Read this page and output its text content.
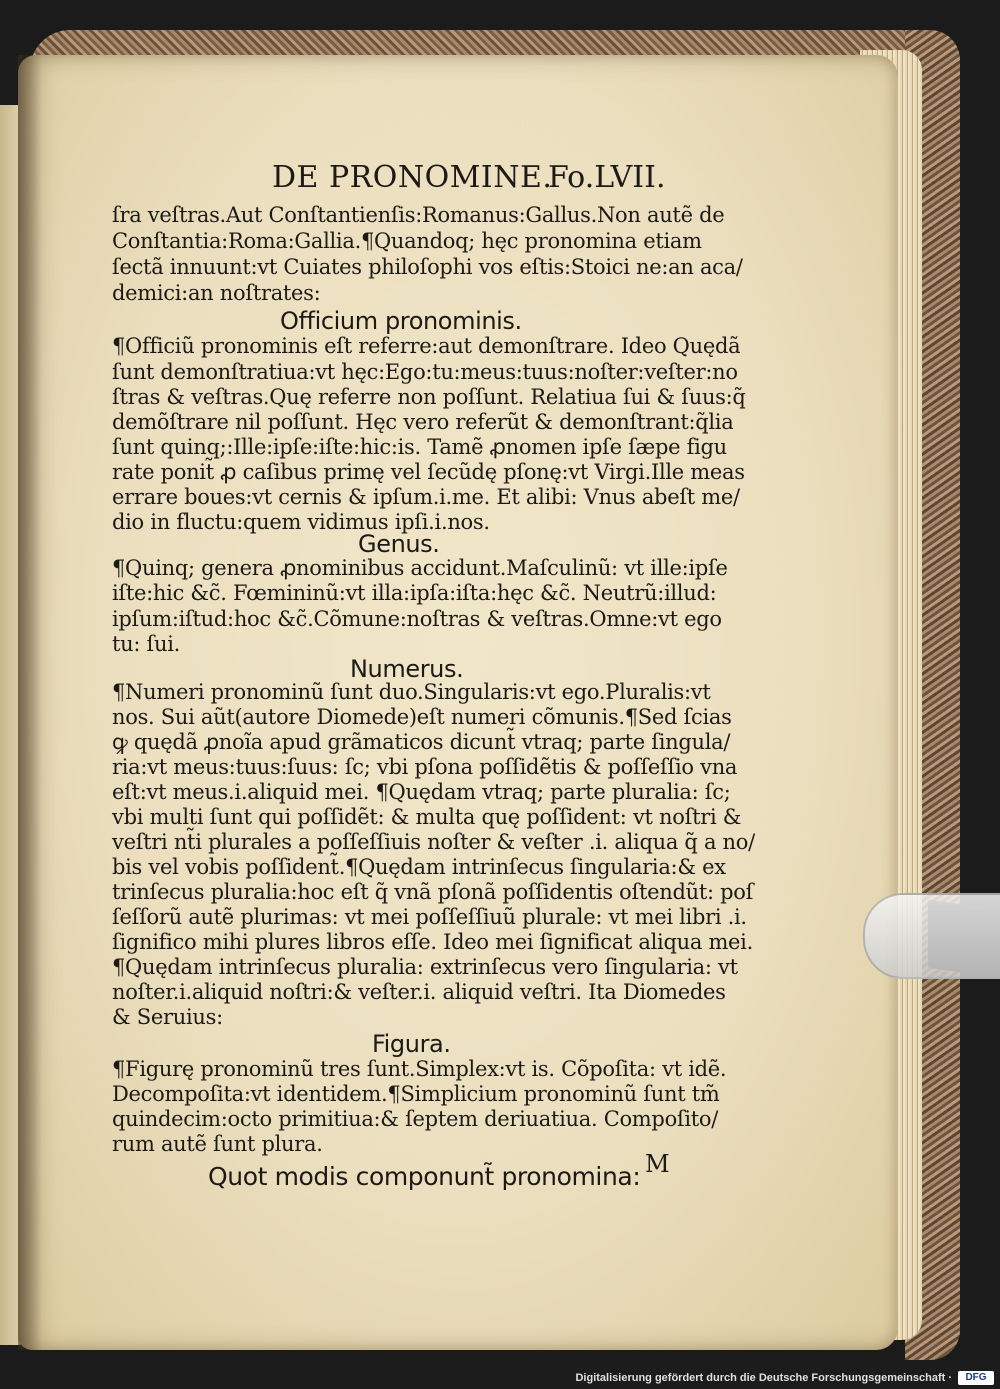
DE PRONOMINE.
Fo.LVII.
ſra veſtras.Aut Conſtantienſis:Romanus:Gallus.Non autẽ de
Conſtantia:Roma:Gallia.¶Quandoq; hęc pronomina etiam
ſectã innuunt:vt Cuiates philoſophi vos eſtis:Stoici ne:an aca/
demici:an noſtrates:
Officium pronominis.
¶Officiũ pronominis eſt referre:aut demonſtrare. Ideo Quędã
ſunt demonſtratiua:vt hęc:Ego:tu:meus:tuus:noſter:veſter:no
ſtras & veſtras.Quę referre non poſſunt. Relatiua ſui & ſuus:q̃
demõſtrare nil poſſunt. Hęc vero referũt & demonſtrant:q̃lia
ſunt quinq;:Ille:ipſe:iſte:hic:is. Tamẽ ꝓnomen ipſe ſæpe figu
rate ponit̃ ꝓ caſibus primę vel ſecũdę pſonę:vt Virgi.Ille meas
errare boues:vt cernis & ipſum.i.me. Et alibi: Vnus abeſt me/
dio in fluctu:quem vidimus ipſi.i.nos.
Genus.
¶Quinq; genera ꝓnominibus accidunt.Maſculinũ: vt ille:ipſe
iſte:hic &c̃. Fœmininũ:vt illa:ipſa:iſta:hęc &c̃. Neutrũ:illud:
ipſum:iſtud:hoc &c̃.Cõmune:noſtras & veſtras.Omne:vt ego
tu: ſui.
Numerus.
¶Numeri pronominũ ſunt duo.Singularis:vt ego.Pluralis:vt
nos. Sui aũt(autore Diomede)eſt numeri cõmunis.¶Sed ſcias
ꝙ quędã ꝓnoĩa apud grãmaticos dicunt̃ vtraq; parte ſingula/
ria:vt meus:tuus:ſuus: ſc; vbi pſona poſſidẽtis & poſſeſſio vna
eſt:vt meus.i.aliquid mei. ¶Quędam vtraq; parte pluralia: ſc;
vbi multi ſunt qui poſſidẽt: & multa quę poſſident: vt noſtri &
veſtri nt̃i plurales a poſſeſſiuis noſter & veſter .i. aliqua q̃ a no/
bis vel vobis poſſident̃.¶Quędam intrinſecus ſingularia:& ex
trinſecus pluralia:hoc eſt q̃ vnã pſonã poſſidentis oſtendũt: poſ
ſeſſorũ autẽ plurimas: vt mei poſſeſſiuũ plurale: vt mei libri .i.
ſignifico mihi plures libros eſſe. Ideo mei ſignificat aliqua mei.
¶Quędam intrinſecus pluralia: extrinſecus vero ſingularia: vt
noſter.i.aliquid noſtri:& veſter.i. aliquid veſtri. Ita Diomedes
& Seruius:
Figura.
¶Figurę pronominũ tres ſunt.Simplex:vt is. Cõpoſita: vt idẽ.
Decompoſita:vt identidem.¶Simplicium pronominũ ſunt tm̃
quindecim:octo primitiua:& ſeptem deriuatiua. Compoſito/
rum autẽ ſunt plura.
Quot modis componunt̃ pronomina: M
Digitalisierung gefördert durch die Deutsche Forschungsgemeinschaft ·	DFG
